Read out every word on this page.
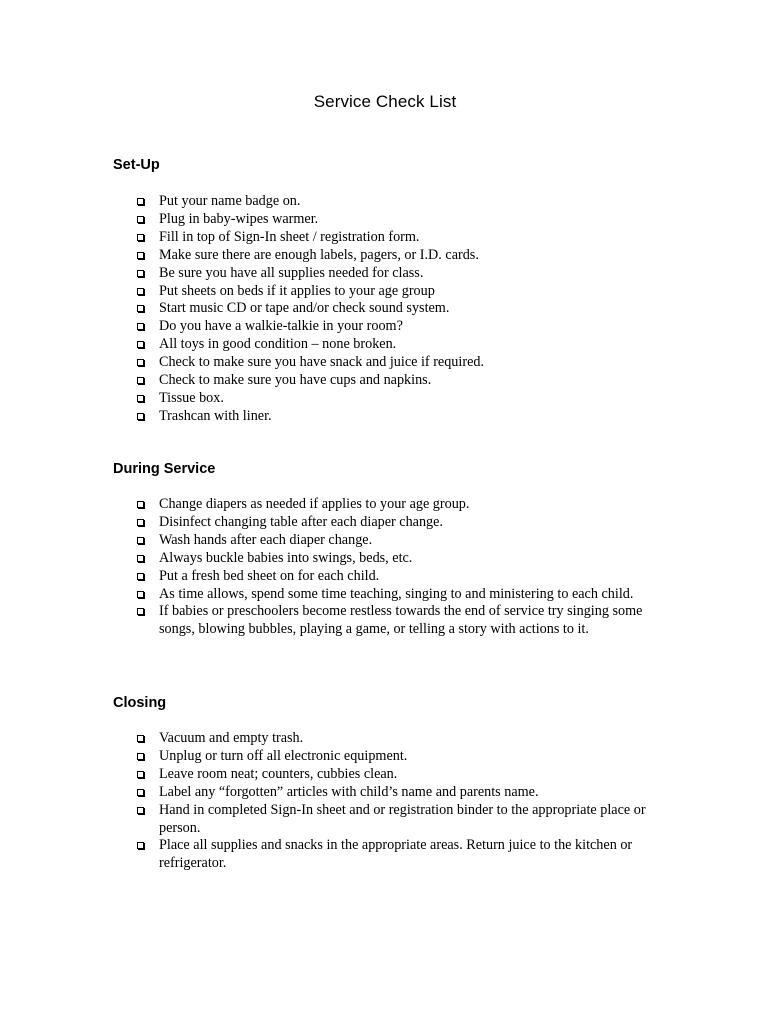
Service Check List
Set-Up
Put your name badge on.
Plug in baby-wipes warmer.
Fill in top of Sign-In sheet / registration form.
Make sure there are enough labels, pagers, or I.D. cards.
Be sure you have all supplies needed for class.
Put sheets on beds if it applies to your age group
Start music CD or tape and/or check sound system.
Do you have a walkie-talkie in your room?
All toys in good condition – none broken.
Check to make sure you have snack and juice if required.
Check to make sure you have cups and napkins.
Tissue box.
Trashcan with liner.
During Service
Change diapers as needed if applies to your age group.
Disinfect changing table after each diaper change.
Wash hands after each diaper change.
Always buckle babies into swings, beds, etc.
Put a fresh bed sheet on for each child.
As time allows, spend some time teaching, singing to and ministering to each child.
If babies or preschoolers become restless towards the end of service try singing some songs, blowing bubbles, playing a game, or telling a story with actions to it.
Closing
Vacuum and empty trash.
Unplug or turn off all electronic equipment.
Leave room neat; counters, cubbies clean.
Label any “forgotten” articles with child’s name and parents name.
Hand in completed Sign-In sheet and or registration binder to the appropriate place or person.
Place all supplies and snacks in the appropriate areas. Return juice to the kitchen or refrigerator.
